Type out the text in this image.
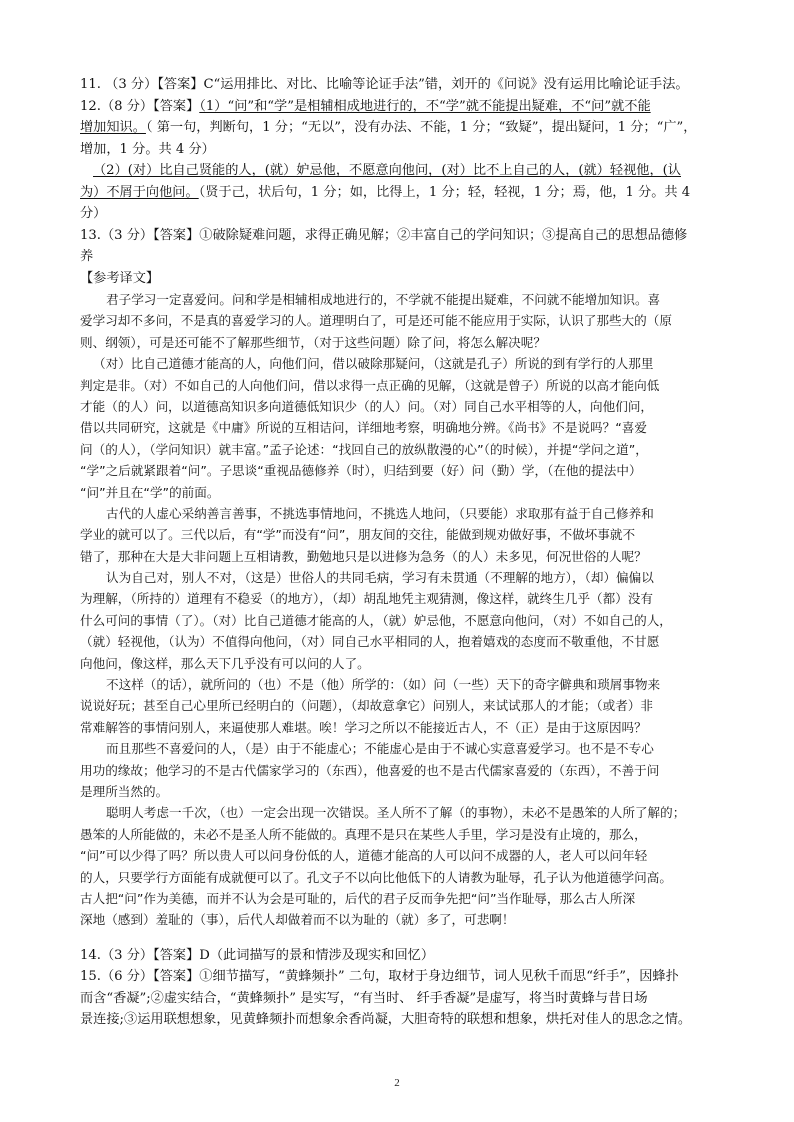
11. （3 分）【答案】C“运用排比、对比、比喻等论证手法”错，刘开的《问说》没有运用比喻论证手法。
12.（8 分）【答案】（1）“问”和“学”是相辅相成地进行的，不“学”就不能提出疑难，不“问”就不能
增加知识。（ 第一句，判断句，1 分；“无以”，没有办法、不能，1 分；“致疑”，提出疑问，1 分；“广”，
增加，1 分。共 4 分）
（2）(对）比自己贤能的人，(就）妒忌他，不愿意向他问，(对）比不上自己的人，(就）轻视他，(认
为）不屑于向他问。（贤于己，状后句，1 分；如，比得上，1 分；轻，轻视，1 分；焉，他，1 分。共 4
分）
13.（3 分）【答案】①破除疑难问题，求得正确见解；②丰富自己的学问知识；③提高自己的思想品德修
养
【参考译文】
君子学习一定喜爱问。问和学是相辅相成地进行的，不学就不能提出疑难，不问就不能增加知识。喜
爱学习却不多问，不是真的喜爱学习的人。道理明白了，可是还可能不能应用于实际，认识了那些大的（原
则、纲领），可是还可能不了解那些细节，（对于这些问题）除了问，将怎么解决呢？
（对）比自己道德才能高的人，向他们问，借以破除那疑问，（这就是孔子）所说的到有学行的人那里
判定是非。（对）不如自己的人向他们问，借以求得一点正确的见解，（这就是曾子）所说的以高才能向低
才能（的人）问，以道德高知识多向道德低知识少（的人）问。（对）同自己水平相等的人，向他们问，
借以共同研究，这就是《中庸》所说的互相诘问，详细地考察，明确地分辨。《尚书》不是说吗？“喜爱
问（的人），（学问知识）就丰富。”孟子论述：“找回自己的放纵散漫的心”（的时候），并提“学问之道”，
“学”之后就紧跟着“问”。子思谈“重视品德修养（时），归结到要（好）问（勤）学，（在他的提法中）
“问”并且在“学”的前面。
古代的人虚心采纳善言善事，不挑选事情地问，不挑选人地问，（只要能）求取那有益于自己修养和
学业的就可以了。三代以后，有“学”而没有“问”，朋友间的交往，能做到规劝做好事，不做坏事就不
错了，那种在大是大非问题上互相请教，勤勉地只是以进修为急务（的人）未多见，何况世俗的人呢？
认为自己对，别人不对，（这是）世俗人的共同毛病，学习有未贯通（不理解的地方），（却）偏偏以
为理解，（所持的）道理有不稳妥（的地方），（却）胡乱地凭主观猜测，像这样，就终生几乎（都）没有
什么可问的事情（了）。（对）比自己道德才能高的人，（就）妒忌他，不愿意向他问，（对）不如自己的人，
（就）轻视他，（认为）不值得向他问，（对）同自己水平相同的人，抱着嬉戏的态度而不敬重他，不甘愿
向他问，像这样，那么天下几乎没有可以问的人了。
不这样（的话），就所问的（也）不是（他）所学的：（如）问（一些）天下的奇字僻典和琐屑事物来
说说好玩；甚至自己心里所已经明白的（问题），（却故意拿它）问别人，来试试那人的才能；（或者）非
常难解答的事情问别人，来逼使那人难堪。唉！学习之所以不能接近古人，不（正）是由于这原因吗？
而且那些不喜爱问的人，（是）由于不能虚心；不能虚心是由于不诚心实意喜爱学习。也不是不专心
用功的缘故；他学习的不是古代儒家学习的（东西），他喜爱的也不是古代儒家喜爱的（东西），不善于问
是理所当然的。
聪明人考虑一千次，（也）一定会出现一次错误。圣人所不了解（的事物），未必不是愚笨的人所了解的；
愚笨的人所能做的，未必不是圣人所不能做的。真理不是只在某些人手里，学习是没有止境的，那么，
“问”可以少得了吗？所以贵人可以问身份低的人，道德才能高的人可以问不成器的人，老人可以问年轻
的人，只要学行方面能有成就便可以了。孔文子不以向比他低下的人请教为耻辱，孔子认为他道德学问高。
古人把“问”作为美德，而并不认为会是可耻的，后代的君子反而争先把“问”当作耻辱，那么古人所深
深地（感到）羞耻的（事），后代人却做着而不以为耻的（就）多了，可悲啊！
14.（3 分）【答案】D（此词描写的景和情涉及现实和回忆）
15.（6 分）【答案】①细节描写，“黄蜂频扑” 二句，取材于身边细节，词人见秋千而思“纤手”，因蜂扑
而含“香凝”;②虚实结合，“黄蜂频扑” 是实写，“有当时、 纤手香凝”是虚写，将当时黄蜂与昔日场
景连接;③运用联想想象，见黄蜂频扑而想象余香尚凝，大胆奇特的联想和想象，烘托对佳人的思念之情。
2
